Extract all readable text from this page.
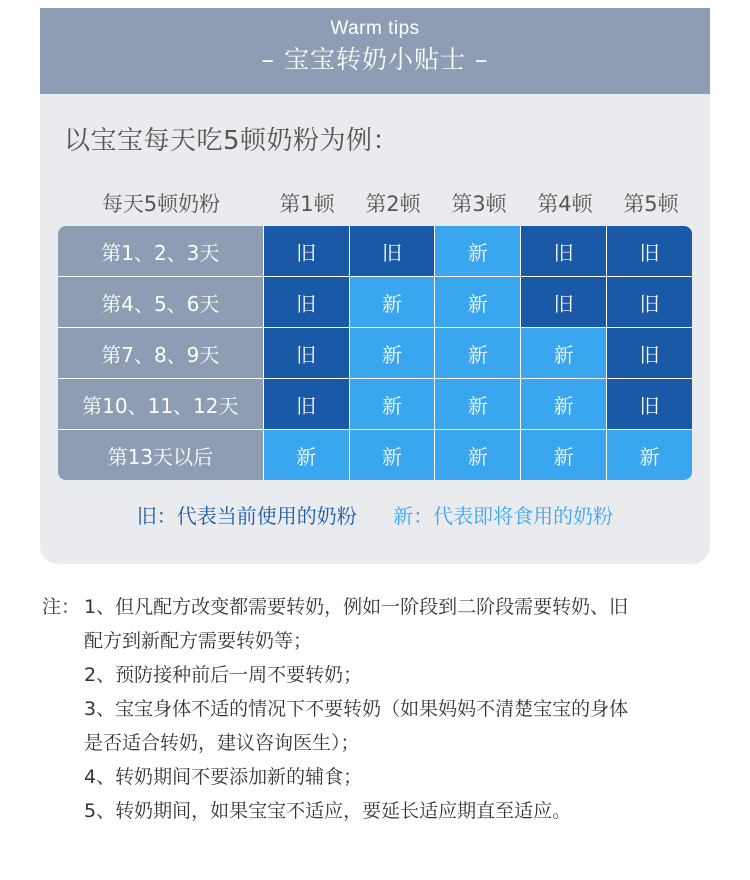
Warm tips
– 宝宝转奶小贴士 –
以宝宝每天吃5顿奶粉为例：
每天5顿奶粉	第1顿	第2顿	第3顿	第4顿	第5顿
第1、2、3天	旧	旧	新	旧	旧
第4、5、6天	旧	新	新	旧	旧
第7、8、9天	旧	新	新	新	旧
第10、11、12天	旧	新	新	新	旧
第13天以后	新	新	新	新	新
旧：代表当前使用的奶粉 新：代表即将食用的奶粉
注： 1、但凡配方改变都需要转奶，例如一阶段到二阶段需要转奶、旧
配方到新配方需要转奶等；
2、预防接种前后一周不要转奶；
3、宝宝身体不适的情况下不要转奶（如果妈妈不清楚宝宝的身体
是否适合转奶，建议咨询医生）；
4、转奶期间不要添加新的辅食；
5、转奶期间，如果宝宝不适应，要延长适应期直至适应。
